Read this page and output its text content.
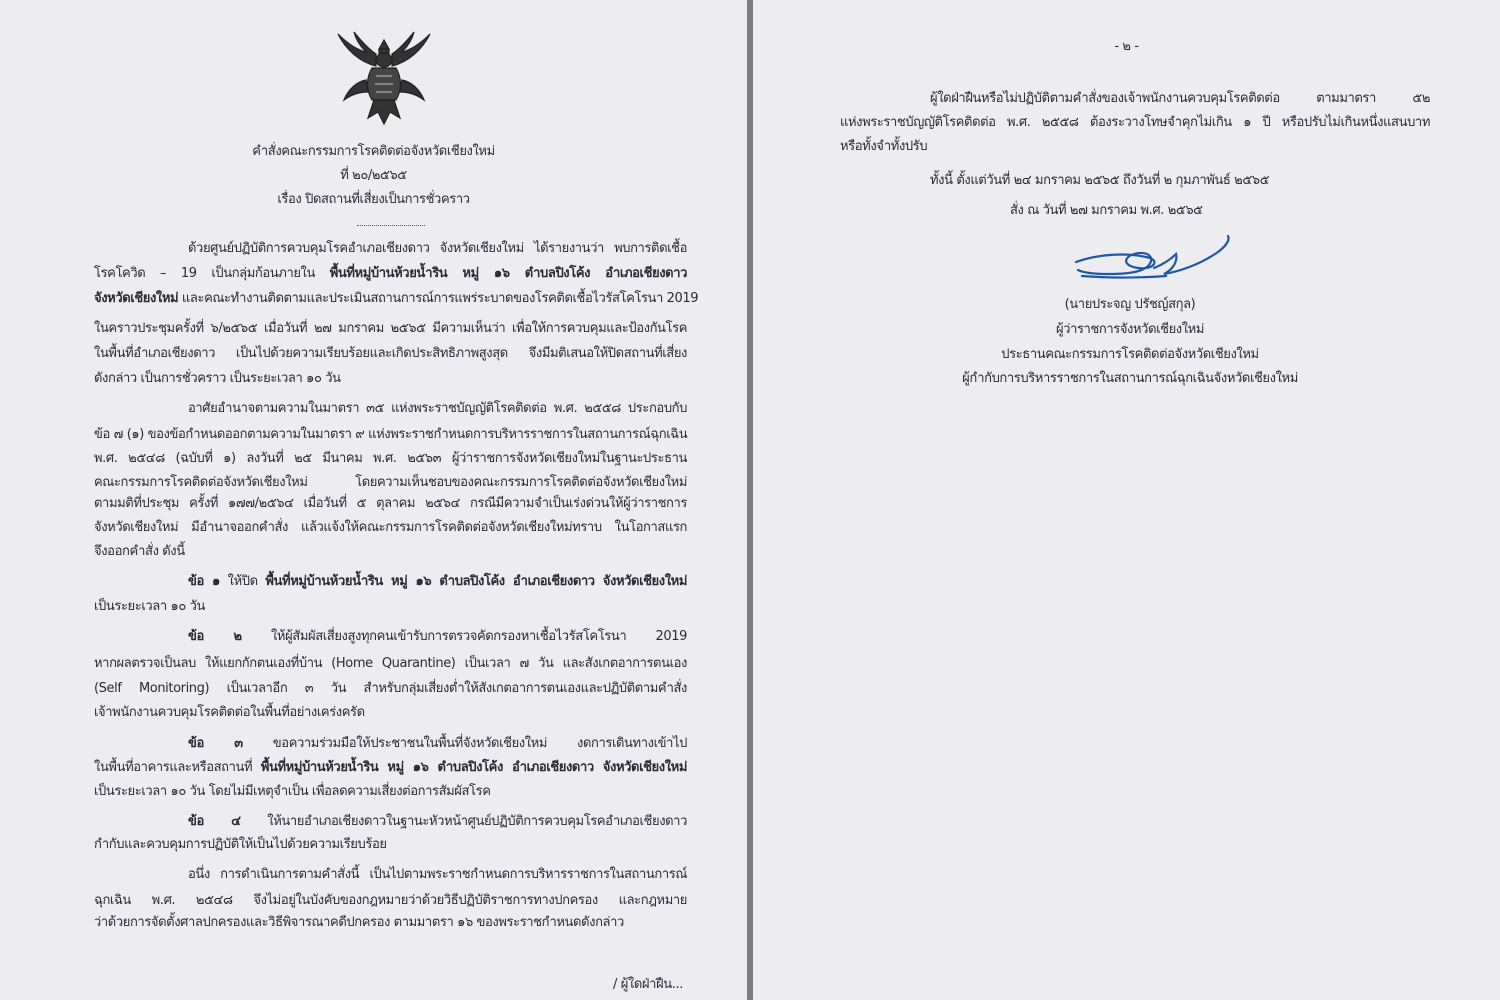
คำสั่งคณะกรรมการโรคติดต่อจังหวัดเชียงใหม่
ที่ ๒๐/๒๕๖๕
เรื่อง ปิดสถานที่เสี่ยงเป็นการชั่วคราว
ด้วยศูนย์ปฏิบัติการควบคุมโรคอำเภอเชียงดาว จังหวัดเชียงใหม่ ได้รายงานว่า พบการติดเชื้อ
โรคโควิด – 19 เป็นกลุ่มก้อนภายใน พื้นที่หมู่บ้านห้วยน้ำริน หมู่ ๑๖ ตำบลปิงโค้ง อำเภอเชียงดาว
จังหวัดเชียงใหม่ และคณะทำงานติดตามและประเมินสถานการณ์การแพร่ระบาดของโรคติดเชื้อไวรัสโคโรนา 2019
ในคราวประชุมครั้งที่ ๖/๒๕๖๕ เมื่อวันที่ ๒๗ มกราคม ๒๕๖๕ มีความเห็นว่า เพื่อให้การควบคุมและป้องกันโรค
ในพื้นที่อำเภอเชียงดาว เป็นไปด้วยความเรียบร้อยและเกิดประสิทธิภาพสูงสุด จึงมีมติเสนอให้ปิดสถานที่เสี่ยง
ดังกล่าว เป็นการชั่วคราว เป็นระยะเวลา ๑๐ วัน
อาศัยอำนาจตามความในมาตรา ๓๕ แห่งพระราชบัญญัติโรคติดต่อ พ.ศ. ๒๕๕๘ ประกอบกับ
ข้อ ๗ (๑) ของข้อกำหนดออกตามความในมาตรา ๙ แห่งพระราชกำหนดการบริหารราชการในสถานการณ์ฉุกเฉิน
พ.ศ. ๒๕๔๘ (ฉบับที่ ๑) ลงวันที่ ๒๕ มีนาคม พ.ศ. ๒๕๖๓ ผู้ว่าราชการจังหวัดเชียงใหม่ในฐานะประธาน
คณะกรรมการโรคติดต่อจังหวัดเชียงใหม่ โดยความเห็นชอบของคณะกรรมการโรคติดต่อจังหวัดเชียงใหม่
ตามมติที่ประชุม ครั้งที่ ๑๗๗/๒๕๖๔ เมื่อวันที่ ๕ ตุลาคม ๒๕๖๔ กรณีมีความจำเป็นเร่งด่วนให้ผู้ว่าราชการ
จังหวัดเชียงใหม่ มีอำนาจออกคำสั่ง แล้วแจ้งให้คณะกรรมการโรคติดต่อจังหวัดเชียงใหม่ทราบ ในโอกาสแรก
จึงออกคำสั่ง ดังนี้
ข้อ ๑ ให้ปิด พื้นที่หมู่บ้านห้วยน้ำริน หมู่ ๑๖ ตำบลปิงโค้ง อำเภอเชียงดาว จังหวัดเชียงใหม่
เป็นระยะเวลา ๑๐ วัน
ข้อ ๒ ให้ผู้สัมผัสเสี่ยงสูงทุกคนเข้ารับการตรวจคัดกรองหาเชื้อไวรัสโคโรนา 2019
หากผลตรวจเป็นลบ ให้แยกกักตนเองที่บ้าน (Home Quarantine) เป็นเวลา ๗ วัน และสังเกตอาการตนเอง
(Self Monitoring) เป็นเวลาอีก ๓ วัน สำหรับกลุ่มเสี่ยงต่ำให้สังเกตอาการตนเองและปฏิบัติตามคำสั่ง
เจ้าพนักงานควบคุมโรคติดต่อในพื้นที่อย่างเคร่งครัด
ข้อ ๓ ขอความร่วมมือให้ประชาชนในพื้นที่จังหวัดเชียงใหม่ งดการเดินทางเข้าไป
ในพื้นที่อาคารและหรือสถานที่ พื้นที่หมู่บ้านห้วยน้ำริน หมู่ ๑๖ ตำบลปิงโค้ง อำเภอเชียงดาว จังหวัดเชียงใหม่
เป็นระยะเวลา ๑๐ วัน โดยไม่มีเหตุจำเป็น เพื่อลดความเสี่ยงต่อการสัมผัสโรค
ข้อ ๔ ให้นายอำเภอเชียงดาวในฐานะหัวหน้าศูนย์ปฏิบัติการควบคุมโรคอำเภอเชียงดาว
กำกับและควบคุมการปฏิบัติให้เป็นไปด้วยความเรียบร้อย
อนึ่ง การดำเนินการตามคำสั่งนี้ เป็นไปตามพระราชกำหนดการบริหารราชการในสถานการณ์
ฉุกเฉิน พ.ศ. ๒๕๔๘ จึงไม่อยู่ในบังคับของกฎหมายว่าด้วยวิธีปฏิบัติราชการทางปกครอง และกฎหมาย
ว่าด้วยการจัดตั้งศาลปกครองและวิธีพิจารณาคดีปกครอง ตามมาตรา ๑๖ ของพระราชกำหนดดังกล่าว
/ ผู้ใดฝ่าฝืน...
- ๒ -
ผู้ใดฝ่าฝืนหรือไม่ปฏิบัติตามคำสั่งของเจ้าพนักงานควบคุมโรคติดต่อ ตามมาตรา ๕๒
แห่งพระราชบัญญัติโรคติดต่อ พ.ศ. ๒๕๕๘ ต้องระวางโทษจำคุกไม่เกิน ๑ ปี หรือปรับไม่เกินหนึ่งแสนบาท
หรือทั้งจำทั้งปรับ
ทั้งนี้ ตั้งแต่วันที่ ๒๔ มกราคม ๒๕๖๕ ถึงวันที่ ๒ กุมภาพันธ์ ๒๕๖๕
สั่ง ณ วันที่ ๒๗ มกราคม พ.ศ. ๒๕๖๕
(นายประจญ ปรัชญ์สกุล)
ผู้ว่าราชการจังหวัดเชียงใหม่
ประธานคณะกรรมการโรคติดต่อจังหวัดเชียงใหม่
ผู้กำกับการบริหารราชการในสถานการณ์ฉุกเฉินจังหวัดเชียงใหม่
